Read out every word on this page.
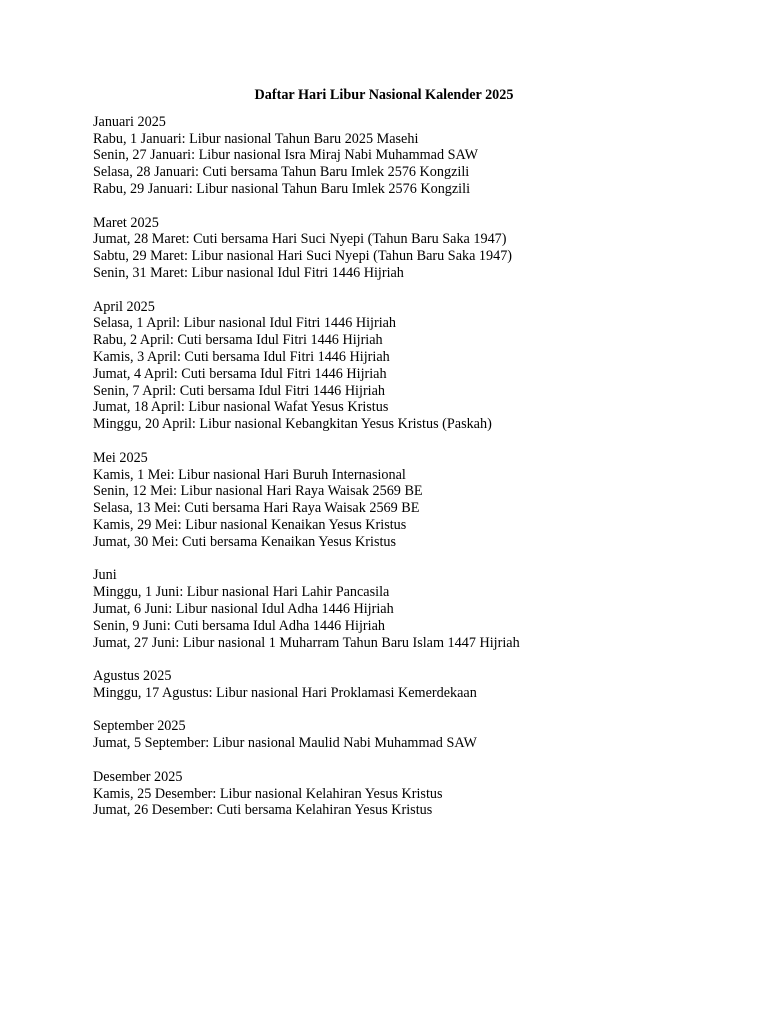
Daftar Hari Libur Nasional Kalender 2025
Januari 2025
Rabu, 1 Januari: Libur nasional Tahun Baru 2025 Masehi
Senin, 27 Januari: Libur nasional Isra Miraj Nabi Muhammad SAW
Selasa, 28 Januari: Cuti bersama Tahun Baru Imlek 2576 Kongzili
Rabu, 29 Januari: Libur nasional Tahun Baru Imlek 2576 Kongzili
Maret 2025
Jumat, 28 Maret: Cuti bersama Hari Suci Nyepi (Tahun Baru Saka 1947)
Sabtu, 29 Maret: Libur nasional Hari Suci Nyepi (Tahun Baru Saka 1947)
Senin, 31 Maret: Libur nasional Idul Fitri 1446 Hijriah
April 2025
Selasa, 1 April: Libur nasional Idul Fitri 1446 Hijriah
Rabu, 2 April: Cuti bersama Idul Fitri 1446 Hijriah
Kamis, 3 April: Cuti bersama Idul Fitri 1446 Hijriah
Jumat, 4 April: Cuti bersama Idul Fitri 1446 Hijriah
Senin, 7 April: Cuti bersama Idul Fitri 1446 Hijriah
Jumat, 18 April: Libur nasional Wafat Yesus Kristus
Minggu, 20 April: Libur nasional Kebangkitan Yesus Kristus (Paskah)
Mei 2025
Kamis, 1 Mei: Libur nasional Hari Buruh Internasional
Senin, 12 Mei: Libur nasional Hari Raya Waisak 2569 BE
Selasa, 13 Mei: Cuti bersama Hari Raya Waisak 2569 BE
Kamis, 29 Mei: Libur nasional Kenaikan Yesus Kristus
Jumat, 30 Mei: Cuti bersama Kenaikan Yesus Kristus
Juni
Minggu, 1 Juni: Libur nasional Hari Lahir Pancasila
Jumat, 6 Juni: Libur nasional Idul Adha 1446 Hijriah
Senin, 9 Juni: Cuti bersama Idul Adha 1446 Hijriah
Jumat, 27 Juni: Libur nasional 1 Muharram Tahun Baru Islam 1447 Hijriah
Agustus 2025
Minggu, 17 Agustus: Libur nasional Hari Proklamasi Kemerdekaan
September 2025
Jumat, 5 September: Libur nasional Maulid Nabi Muhammad SAW
Desember 2025
Kamis, 25 Desember: Libur nasional Kelahiran Yesus Kristus
Jumat, 26 Desember: Cuti bersama Kelahiran Yesus Kristus
